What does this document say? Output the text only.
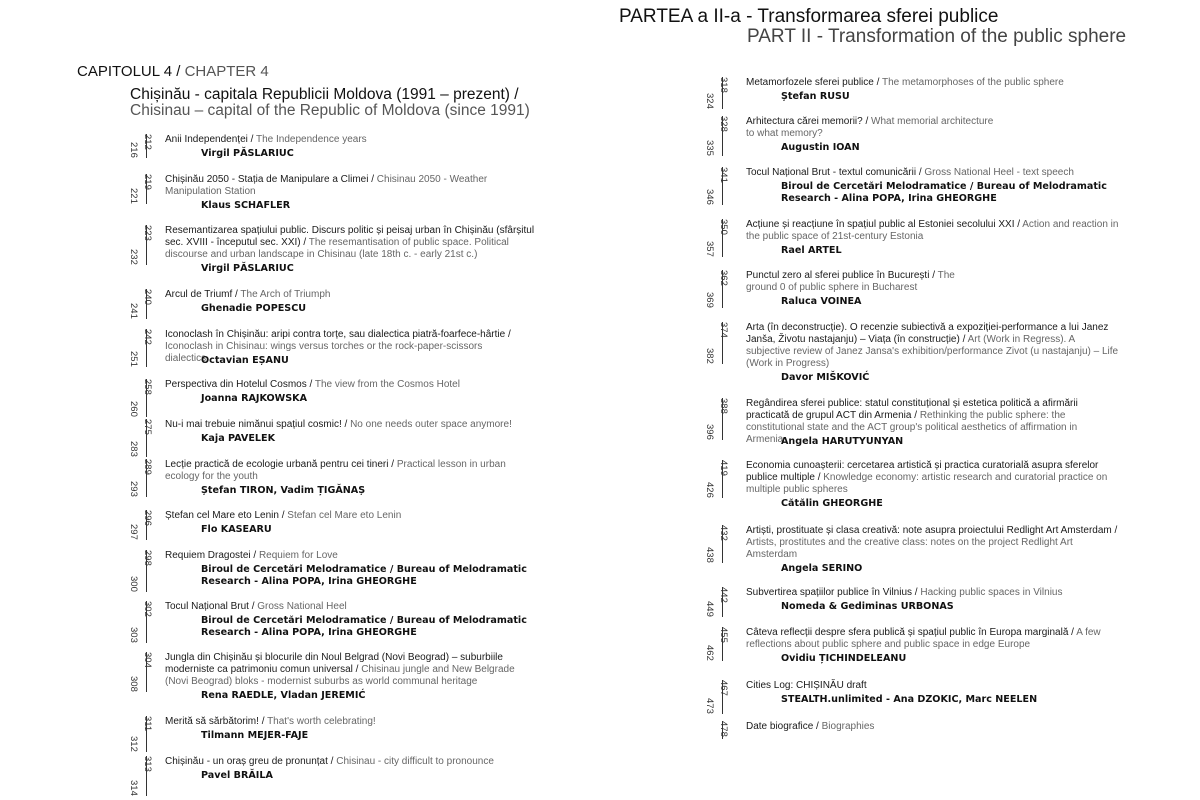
PARTEA a II-a - Transformarea sferei publice
PART II - Transformation of the public sphere
CAPITOLUL 4 / CHAPTER 4
Chișinău - capitala Republicii Moldova (1991 – prezent) /
Chisinau – capital of the Republic of Moldova (since 1991)
212
216
Anii Independenței / The Independence years
Virgil PĂSLARIUC
219
221
Chișinău 2050 - Stația de Manipulare a Climei / Chisinau 2050 - Weather Manipulation Station
Klaus SCHAFLER
223
232
Resemantizarea spațiului public. Discurs politic și peisaj urban în Chișinău (sfârșitul sec. XVIII - începutul sec. XXI) / The resemantisation of public space. Political discourse and urban landscape in Chisinau (late 18th c. - early 21st c.)
Virgil PĂSLARIUC
240
241
Arcul de Triumf / The Arch of Triumph
Ghenadie POPESCU
242
251
Iconoclash în Chișinău: aripi contra torțe, sau dialectica piatră-foarfece-hârtie / Iconoclash in Chisinau: wings versus torches or the rock-paper-scissors dialectics
Octavian EȘANU
258
260
Perspectiva din Hotelul Cosmos / The view from the Cosmos Hotel
Joanna RAJKOWSKA
275
283
Nu-i mai trebuie nimănui spațiul cosmic! / No one needs outer space anymore!
Kaja PAVELEK
289
293
Lecție practică de ecologie urbană pentru cei tineri / Practical lesson in urban ecology for the youth
Ștefan TIRON, Vadim ȚIGĂNAȘ
296
297
Ștefan cel Mare eto Lenin / Stefan cel Mare eto Lenin
Flo KASEARU
298
300
Requiem Dragostei / Requiem for Love
Biroul de Cercetări Melodramatice / Bureau of Melodramatic Research - Alina POPA, Irina GHEORGHE
302
303
Tocul Național Brut / Gross National Heel
Biroul de Cercetări Melodramatice / Bureau of Melodramatic Research - Alina POPA, Irina GHEORGHE
304
308
Jungla din Chișinău și blocurile din Noul Belgrad (Novi Beograd) – suburbiile moderniste ca patrimoniu comun universal / Chisinau jungle and New Belgrade (Novi Beograd) bloks - modernist suburbs as world communal heritage
Rena RAEDLE, Vladan JEREMIĆ
311
312
Merită să sărbătorim! / That's worth celebrating!
Tilmann MEJER-FAJE
313
314
Chișinău - un oraș greu de pronunțat / Chisinau - city difficult to pronounce
Pavel BRĂILA
318
324
Metamorfozele sferei publice / The metamorphoses of the public sphere
Ștefan RUSU
328
335
Arhitectura cărei memorii? / What memorial architecture to what memory?
Augustin IOAN
341
346
Tocul Național Brut - textul comunicării / Gross National Heel - text speech
Biroul de Cercetări Melodramatice / Bureau of Melodramatic Research - Alina POPA, Irina GHEORGHE
350
357
Acțiune și reacțiune în spațiul public al Estoniei secolului XXI / Action and reaction in the public space of 21st-century Estonia
Rael ARTEL
362
369
Punctul zero al sferei publice în București / The ground 0 of public sphere in Bucharest
Raluca VOINEA
374
382
Arta (în deconstrucție). O recenzie subiectivă a expoziției-performance a lui Janez Janša, Životu nastajanju) – Viața (în construcție) / Art (Work in Regress). A subjective review of Janez Jansa's exhibition/performance Zivot (u nastajanju) – Life (Work in Progress)
Davor MIŠKOVIĆ
388
396
Regândirea sferei publice: statul constituțional și estetica politică a afirmării practicată de grupul ACT din Armenia / Rethinking the public sphere: the constitutional state and the ACT group's political aesthetics of affirmation in Armenia
Angela HARUTYUNYAN
419
426
Economia cunoașterii: cercetarea artistică și practica curatorială asupra sferelor publice multiple / Knowledge economy: artistic research and curatorial practice on multiple public spheres
Cătălin GHEORGHE
432
438
Artiști, prostituate și clasa creativă: note asupra proiectului Redlight Art Amsterdam / Artists, prostitutes and the creative class: notes on the project Redlight Art Amsterdam
Angela SERINO
442
449
Subvertirea spațiilor publice în Vilnius / Hacking public spaces in Vilnius
Nomeda & Gediminas URBONAS
455
462
Câteva reflecții despre sfera publică și spațiul public în Europa marginală / A few reflections about public sphere and public space in edge Europe
Ovidiu ȚICHINDELEANU
467
473
Cities Log: CHIȘINĂU draft
STEALTH.unlimited - Ana DZOKIC, Marc NEELEN
478 Date biografice / Biographies
